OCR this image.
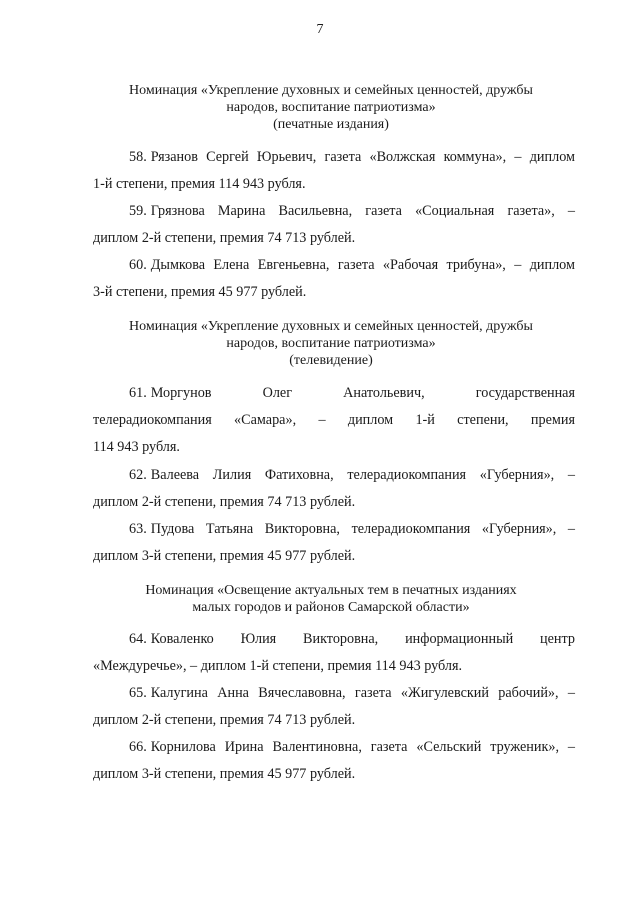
7
Номинация «Укрепление духовных и семейных ценностей, дружбы
народов, воспитание патриотизма»
(печатные издания)
58. Рязанов Сергей Юрьевич, газета «Волжская коммуна», – диплом
1-й степени, премия 114 943 рубля.
59. Грязнова Марина Васильевна, газета «Социальная газета», –
диплом 2-й степени, премия 74 713 рублей.
60. Дымкова Елена Евгеньевна, газета «Рабочая трибуна», – диплом
3-й степени, премия 45 977 рублей.
Номинация «Укрепление духовных и семейных ценностей, дружбы
народов, воспитание патриотизма»
(телевидение)
61. Моргунов Олег Анатольевич, государственная
телерадиокомпания «Самара», – диплом 1-й степени, премия
114 943 рубля.
62. Валеева Лилия Фатиховна, телерадиокомпания «Губерния», –
диплом 2-й степени, премия 74 713 рублей.
63. Пудова Татьяна Викторовна, телерадиокомпания «Губерния», –
диплом 3-й степени, премия 45 977 рублей.
Номинация «Освещение актуальных тем в печатных изданиях
малых городов и районов Самарской области»
64. Коваленко Юлия Викторовна, информационный центр
«Междуречье», – диплом 1-й степени, премия 114 943 рубля.
65. Калугина Анна Вячеславовна, газета «Жигулевский рабочий», –
диплом 2-й степени, премия 74 713 рублей.
66. Корнилова Ирина Валентиновна, газета «Сельский труженик», –
диплом 3-й степени, премия 45 977 рублей.
